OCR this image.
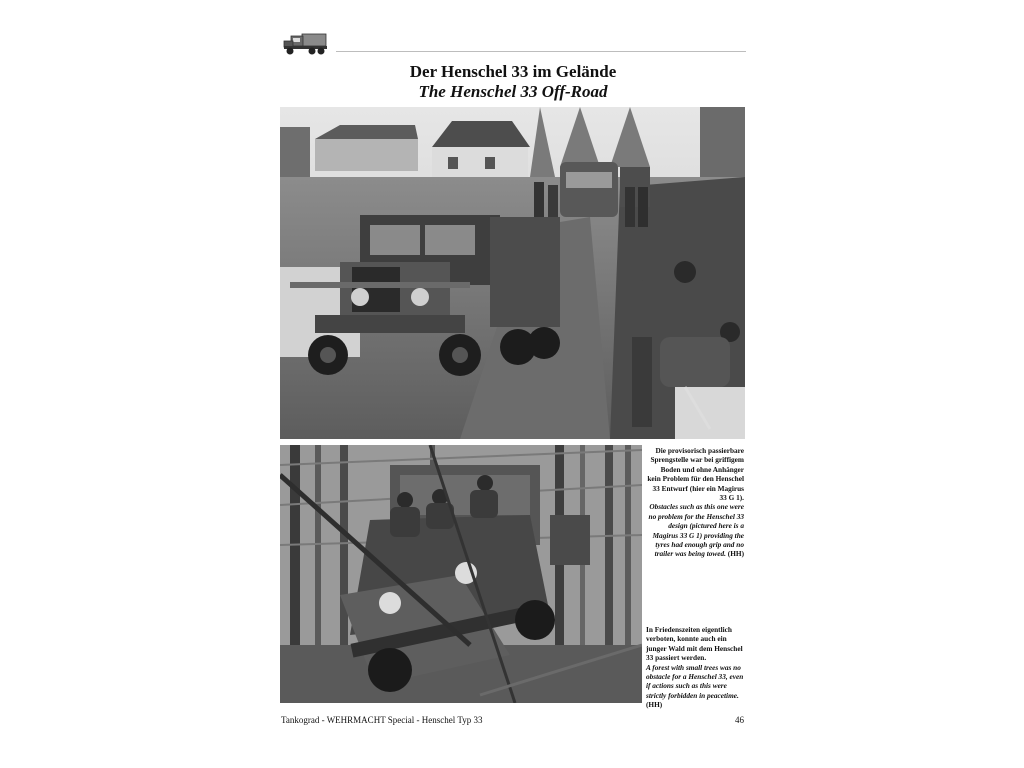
Der Henschel 33 im Gelände
The Henschel 33 Off-Road
Die provisorisch passierbare Sprengstelle war bei griffigem Boden und ohne Anhänger kein Problem für den Henschel 33 Entwurf (hier ein Magirus 33 G 1).
Obstacles such as this one were no problem for the Henschel 33 design (pictured here is a Magirus 33 G 1) providing the tyres had enough grip and no trailer was being towed. (HH)
In Friedenszeiten eigentlich verboten, konnte auch ein junger Wald mit dem Henschel 33 passiert werden.
A forest with small trees was no obstacle for a Henschel 33, even if actions such as this were strictly forbidden in peacetime.
(HH)
Tankograd - WEHRMACHT Special - Henschel Typ 33	46
